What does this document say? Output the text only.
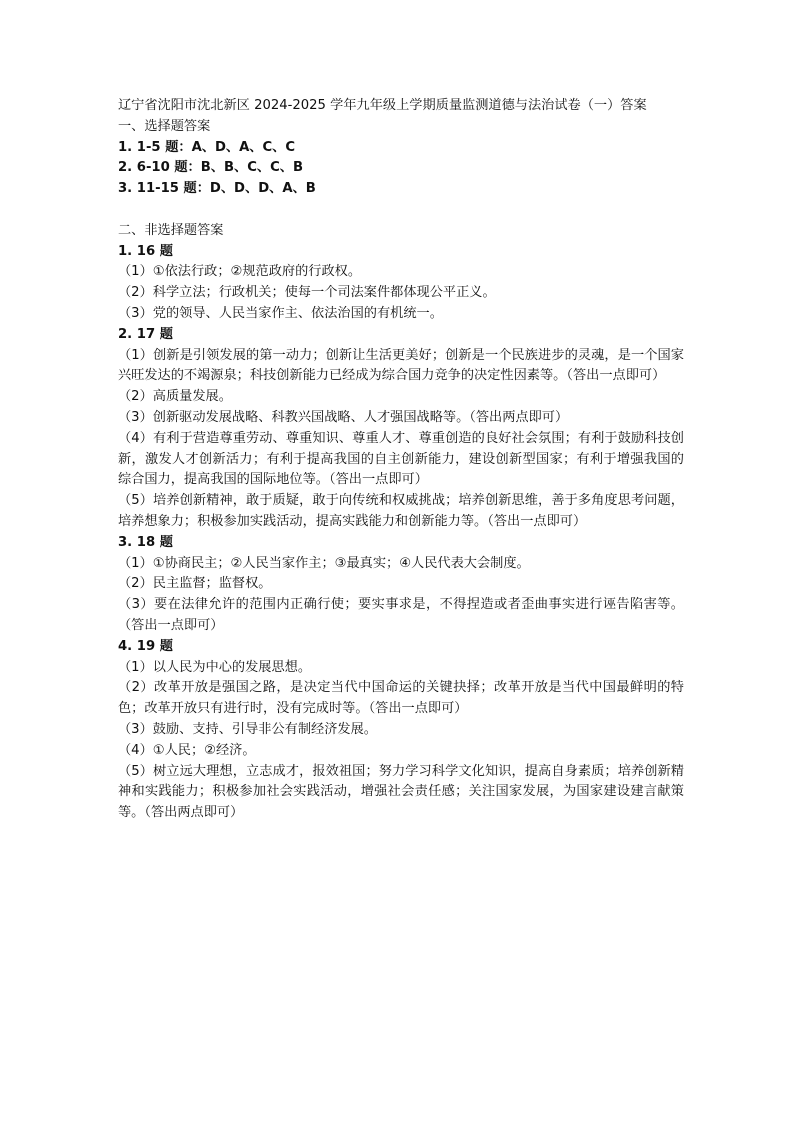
辽宁省沈阳市沈北新区 2024-2025 学年九年级上学期质量监测道德与法治试卷（一）答案
一、选择题答案
1. 1-5 题：A、D、A、C、C
2. 6-10 题：B、B、C、C、B
3. 11-15 题：D、D、D、A、B
二、非选择题答案
1. 16 题
（1）①依法行政；②规范政府的行政权。
（2）科学立法；行政机关；使每一个司法案件都体现公平正义。
（3）党的领导、人民当家作主、依法治国的有机统一。
2. 17 题
（1）创新是引领发展的第一动力；创新让生活更美好；创新是一个民族进步的灵魂，是一个国家兴旺发达的不竭源泉；科技创新能力已经成为综合国力竞争的决定性因素等。（答出一点即可）
（2）高质量发展。
（3）创新驱动发展战略、科教兴国战略、人才强国战略等。（答出两点即可）
（4）有利于营造尊重劳动、尊重知识、尊重人才、尊重创造的良好社会氛围；有利于鼓励科技创新，激发人才创新活力；有利于提高我国的自主创新能力，建设创新型国家；有利于增强我国的综合国力，提高我国的国际地位等。（答出一点即可）
（5）培养创新精神，敢于质疑，敢于向传统和权威挑战；培养创新思维，善于多角度思考问题，培养想象力；积极参加实践活动，提高实践能力和创新能力等。（答出一点即可）
3. 18 题
（1）①协商民主；②人民当家作主；③最真实；④人民代表大会制度。
（2）民主监督；监督权。
（3）要在法律允许的范围内正确行使；要实事求是，不得捏造或者歪曲事实进行诬告陷害等。（答出一点即可）
4. 19 题
（1）以人民为中心的发展思想。
（2）改革开放是强国之路，是决定当代中国命运的关键抉择；改革开放是当代中国最鲜明的特色；改革开放只有进行时，没有完成时等。（答出一点即可）
（3）鼓励、支持、引导非公有制经济发展。
（4）①人民；②经济。
（5）树立远大理想，立志成才，报效祖国；努力学习科学文化知识，提高自身素质；培养创新精神和实践能力；积极参加社会实践活动，增强社会责任感；关注国家发展，为国家建设建言献策等。（答出两点即可）
